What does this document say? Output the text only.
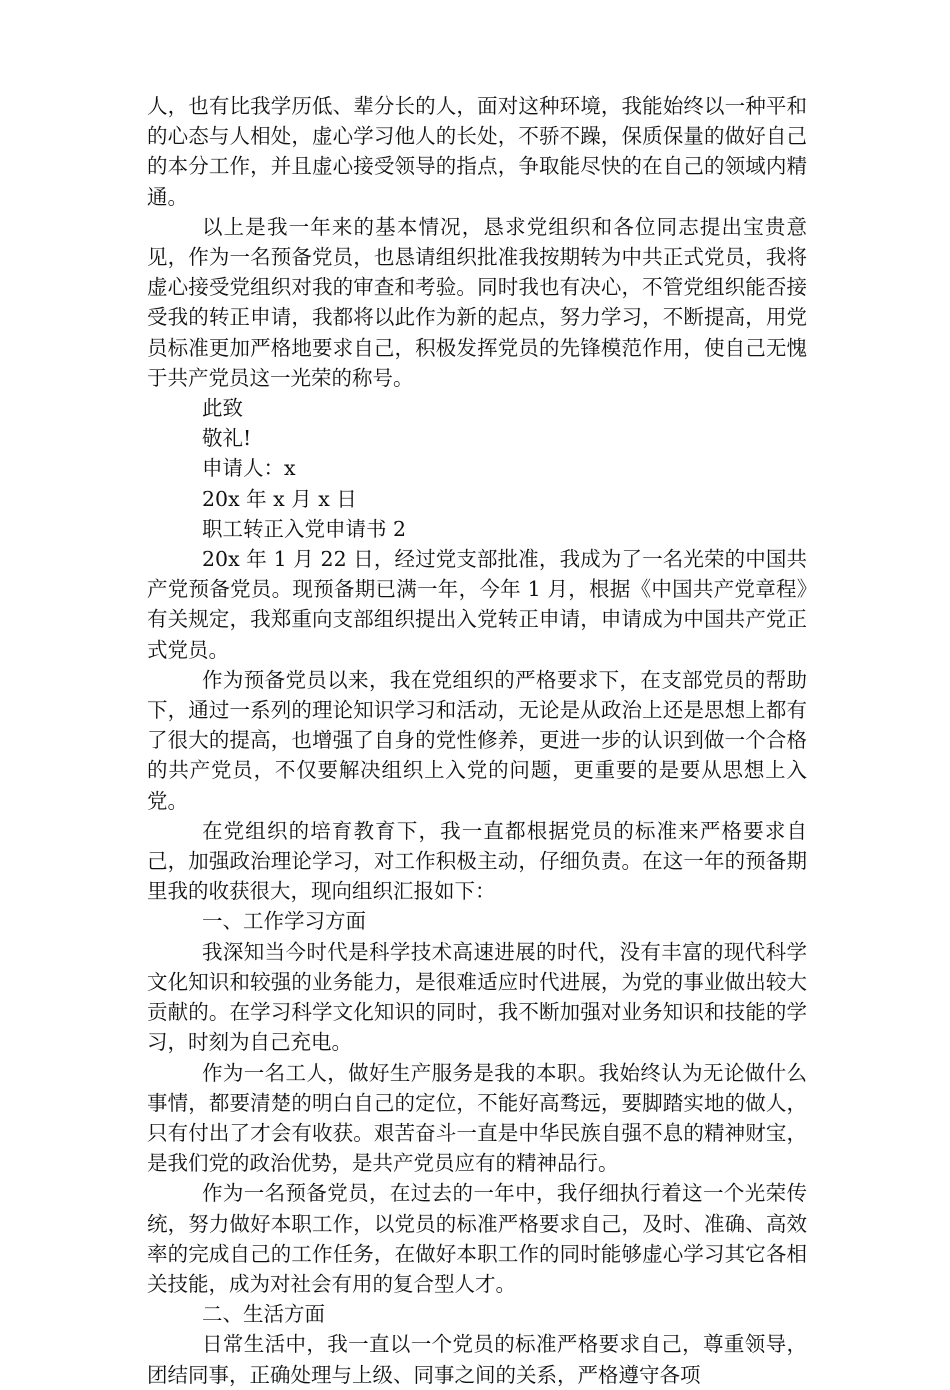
人，也有比我学历低、辈分长的人，面对这种环境，我能始终以一种平和的心态与人相处，虚心学习他人的长处，不骄不躁，保质保量的做好自己的本分工作，并且虚心接受领导的指点，争取能尽快的在自己的领域内精通。

以上是我一年来的基本情况，恳求党组织和各位同志提出宝贵意见，作为一名预备党员，也恳请组织批准我按期转为中共正式党员，我将虚心接受党组织对我的审查和考验。同时我也有决心，不管党组织能否接受我的转正申请，我都将以此作为新的起点，努力学习，不断提高，用党员标准更加严格地要求自己，积极发挥党员的先锋模范作用，使自己无愧于共产党员这一光荣的称号。

此致

敬礼!

申请人：x

20x 年 x 月 x 日

职工转正入党申请书 2

20x 年 1 月 22 日，经过党支部批准，我成为了一名光荣的中国共产党预备党员。现预备期已满一年，今年 1 月，根据《中国共产党章程》有关规定，我郑重向支部组织提出入党转正申请，申请成为中国共产党正式党员。

作为预备党员以来，我在党组织的严格要求下，在支部党员的帮助下，通过一系列的理论知识学习和活动，无论是从政治上还是思想上都有了很大的提高，也增强了自身的党性修养，更进一步的认识到做一个合格的共产党员，不仅要解决组织上入党的问题，更重要的是要从思想上入党。

在党组织的培育教育下，我一直都根据党员的标准来严格要求自己，加强政治理论学习，对工作积极主动，仔细负责。在这一年的预备期里我的收获很大，现向组织汇报如下：

一、工作学习方面

我深知当今时代是科学技术高速进展的时代，没有丰富的现代科学文化知识和较强的业务能力，是很难适应时代进展，为党的事业做出较大贡献的。在学习科学文化知识的同时，我不断加强对业务知识和技能的学习，时刻为自己充电。

作为一名工人，做好生产服务是我的本职。我始终认为无论做什么事情，都要清楚的明白自己的定位，不能好高骛远，要脚踏实地的做人，只有付出了才会有收获。艰苦奋斗一直是中华民族自强不息的精神财宝，是我们党的政治优势，是共产党员应有的精神品行。

作为一名预备党员，在过去的一年中，我仔细执行着这一个光荣传统，努力做好本职工作，以党员的标准严格要求自己，及时、准确、高效率的完成自己的工作任务，在做好本职工作的同时能够虚心学习其它各相关技能，成为对社会有用的复合型人才。

二、生活方面

日常生活中，我一直以一个党员的标准严格要求自己，尊重领导，团结同事，正确处理与上级、同事之间的关系，严格遵守各项
